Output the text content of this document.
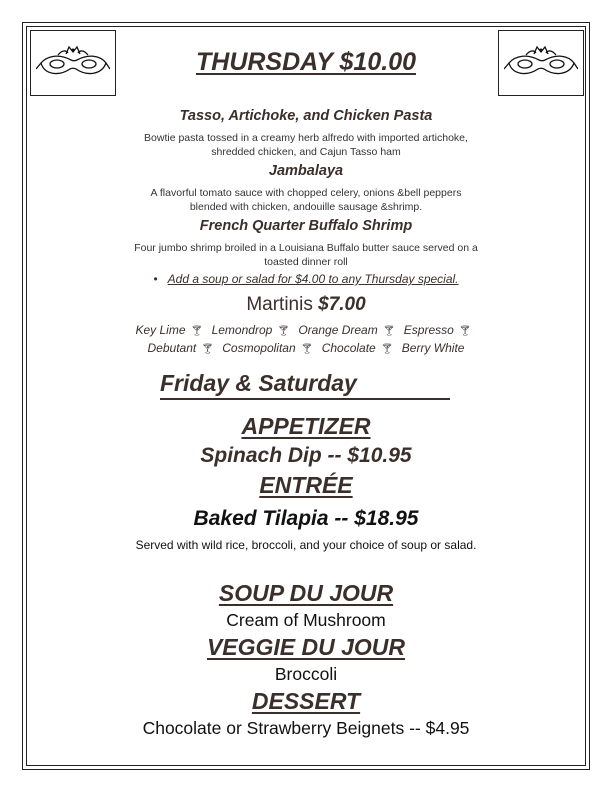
THURSDAY $10.00
Tasso, Artichoke, and Chicken Pasta
Bowtie pasta tossed in a creamy herb alfredo with imported artichoke,
shredded chicken, and Cajun Tasso ham
Jambalaya
A flavorful tomato sauce with chopped celery, onions &bell peppers
blended with chicken, andouille sausage &shrimp.
French Quarter Buffalo Shrimp
Four jumbo shrimp broiled in a Louisiana Buffalo butter sauce served on a
toasted dinner roll
• Add a soup or salad for $4.00 to any Thursday special.
Martinis $7.00
Key Lime 🍸︎ Lemondrop 🍸︎ Orange Dream 🍸︎ Espresso 🍸︎
Debutant 🍸︎ Cosmopolitan 🍸︎ Chocolate 🍸︎ Berry White
Friday & Saturday
APPETIZER
Spinach Dip -- $10.95
ENTRÉE
Baked Tilapia -- $18.95
Served with wild rice, broccoli, and your choice of soup or salad.
SOUP DU JOUR
Cream of Mushroom
VEGGIE DU JOUR
Broccoli
DESSERT
Chocolate or Strawberry Beignets -- $4.95
